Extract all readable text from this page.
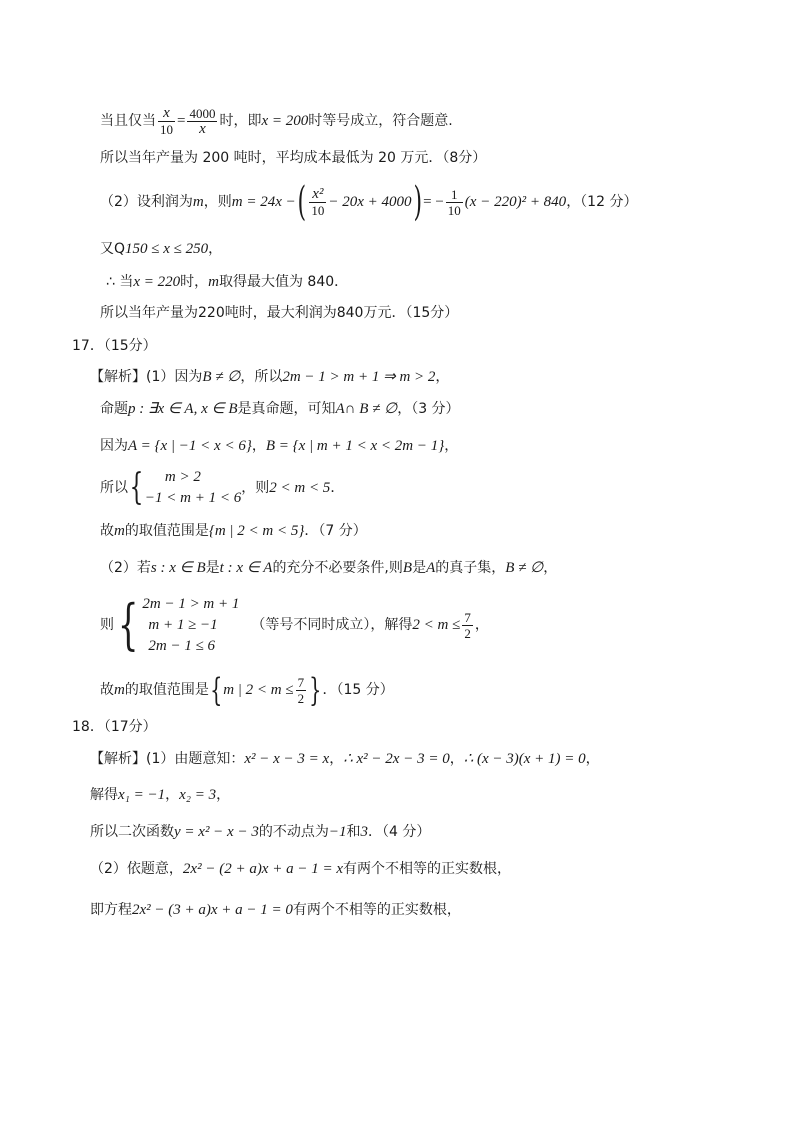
当且仅当 $\frac{x}{10} = \frac{4000}{x}$ 时，即x = 200时等号成立，符合题意.
所以当年产量为 200 吨时，平均成本最低为 20 万元．（8分）
（2）设利润为m，则m = 24x −( $\frac{\text{x²}}{10} - 20x + 4000$) = − $\frac{1}{10} (x - 220)^2 + 840$，（12 分）
又Q150 ≤ x ≤ 250，
∴ 当x = 220时，m取得最大值为 840．
所以当年产量为220吨时，最大利润为840万元．（15分）
17．（15分）
【解析】(1）因为B ≠ ∅，所以2m − 1 > m + 1 ⇒ m > 2，
命题p : ∃x ∈ A, x ∈ B是真命题，可知A∩ B ≠ ∅，（3 分）
因为A = {x | −1 < x < 6}，B = {x | m + 1 < x < 2m − 1}，
所以{	m > 2
−1 < m + 1 < 6
，则2 < m < 5．
故m的取值范围是{m | 2 < m < 5}．（7 分）
（2）若s : x ∈ B是t : x ∈ A的充分不必要条件,则B是A的真子集，B ≠ ∅，
则{ 2m − 1 > m + 1
m + 1 ≥ −1
2m − 1 ≤ 6
（等号不同时成立），解得$2 < m \le \frac{7}{2}$ ，
故m的取值范围是{m | $2 < m \le \frac{7}{2}$ }．（15 分）
18．（17分）
【解析】(1）由题意知：x² − x − 3 = x，∴ x² − 2x − 3 = 0，∴ (x − 3)(x + 1) = 0，
解得x₁ = −1，x₂ = 3，
所以二次函数y = x² − x − 3的不动点为−1和3．（4 分）
（2）依题意，2x² − (2 + a)x + a − 1 = x有两个不相等的正实数根，
即方程2x² − (3 + a)x + a − 1 = 0有两个不相等的正实数根，
